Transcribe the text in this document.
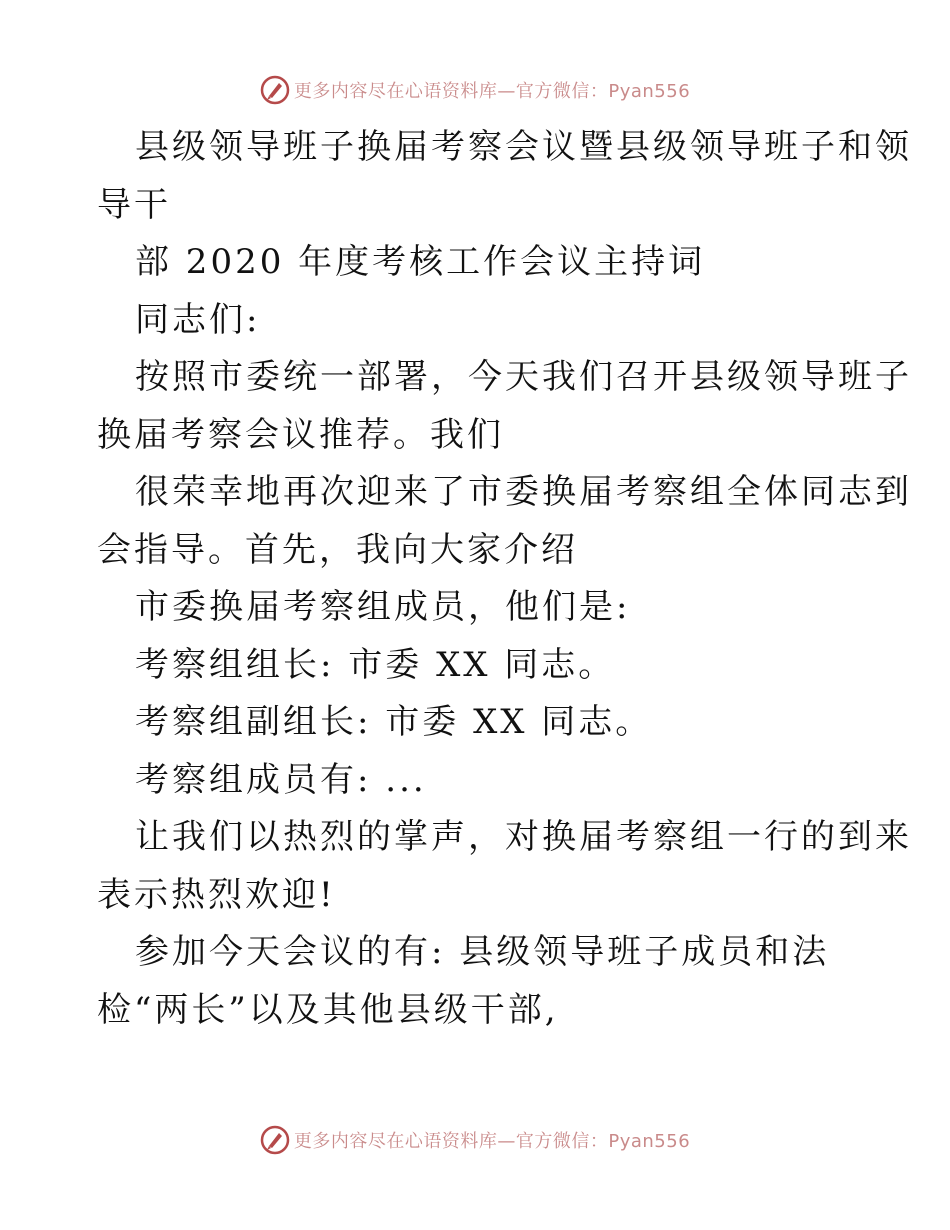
更多内容尽在心语资料库—官方微信：Pyan556
县级领导班子换届考察会议暨县级领导班子和领
导干
部 2020 年度考核工作会议主持词
同志们:
按照市委统一部署，今天我们召开县级领导班子
换届考察会议推荐。我们
很荣幸地再次迎来了市委换届考察组全体同志到
会指导。首先，我向大家介绍
市委换届考察组成员，他们是:
考察组组长: 市委 XX 同志。
考察组副组长: 市委 XX 同志。
考察组成员有: ...
让我们以热烈的掌声，对换届考察组一行的到来
表示热烈欢迎!
参加今天会议的有: 县级领导班子成员和法
检“两长”以及其他县级干部,
更多内容尽在心语资料库—官方微信：Pyan556
